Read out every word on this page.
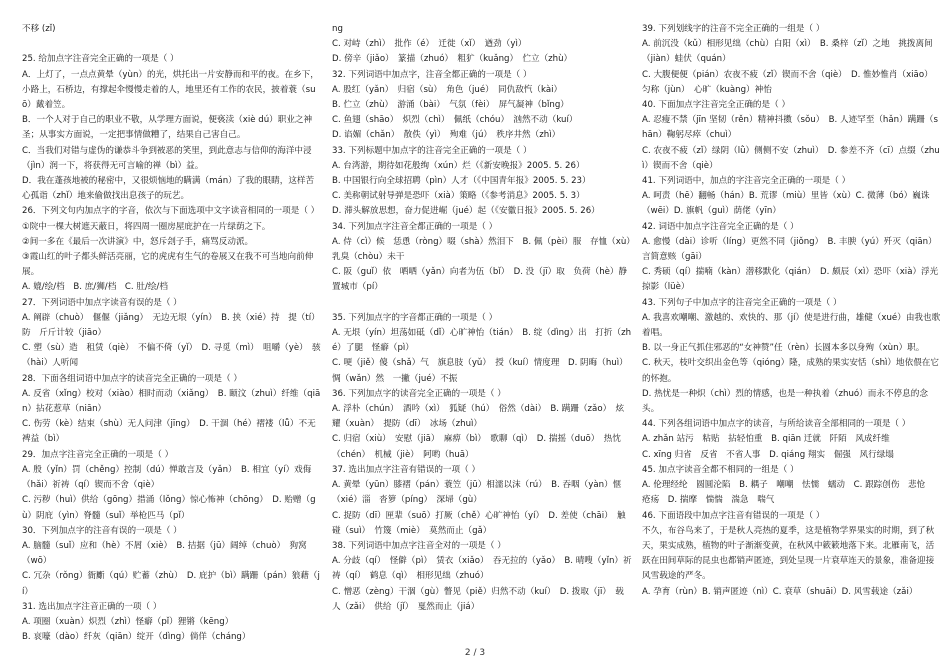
不移 (zǐ)

25. 给加点字注音完全正确的一项是（ ）

A．上灯了，一点点黄晕（yùn）的光，烘托出一片安静而和平的夜。在乡下，小路上，石桥边，有撑起伞慢慢走着的人，地里还有工作的农民，披着蓑（suō）戴着笠。

B．一个人对于自己的职业不敬，从学理方面说，便亵渎（xiè dú）职业之神圣；从事实方面说，一定把事情做糟了，结果自己害自己。

C．当我们对错与虚伪的谦恭斗争到被恶的笑里，到此意志与信仰的海洋中浸（jìn）润一下，将获得无可言喻的禅（bì）益。

D．我在蓬孩地被的秘密中，又很烦恼地的瞒满（mán）了我的眼睛，这样苦心孤诣（zhǐ）地来偷做找出息孩子的玩艺。

26．下列文句内加点字的字音，依次与下面选项中文字读音相同的一项是（ ）

①院中一棵大树遮天蔽日，将四周一圈房屋庇护在一片绿荫之下。

②间一多在《最后一次讲演》中，怒斥刽子手，痛骂反动派。

③霞山红的叶子都头鲜活亮丽，它的虎虎有生气的卷展又在我不可当地向前伸展。

A. 媲/绘/档　B. 庶/狮/档　C. 肚/绘/档

27．下列词语中加点字读音有误的是（ ）

A. 阐辟（chuò）　偃偃（jiǎng）　无边无垠（yín）　B. 挟（xié）持　提（tí）防　斤斤计较（jiāo）

C. 塑（sù）造　租赁（qiè）　不偏不倚（yǐ）　D. 寻觅（mì）　咀嚼（yè）　骇（hài）人听闻

28．下面各组词语中加点字的读音完全正确的一项是（ ）

A. 反省（xǐng）校对（xiào）相时而动（xiǎng）　B. 颐汶（zhuì）纤维（qiān）拈花惹草（niān）

C. 伤劳（kè）结束（shù）无人问津（jīng）　D. 干涸（hé）褶褛（lǚ）不无裨益（bì）

29．加点字注音完全正确的一项是（ ）

A. 殷（yǐn）罚（chěng）控制（dú）惮敢言及（yǎn）　B. 相宜（yí）戏侮（hǎi）祈祷（qí）锲而不舍（qiè）

C. 污秽（huì）供给（gōng）措涌（lǒng）惊心怖神（chōng）　D. 贻赠（gù）阴庇（yìn）脊髓（suǐ）举枪匹马（pǐ）

30．下列加点字的注音有误的一项是（ ）

A. 脑髓（suǐ）应和（hè）不屑（xiè）　B. 拮据（jū）阔绰（chuò）　狗窝（wō）

C. 冗杂（rǒng）衙斸（qú）贮蓄（zhù）　D. 庇护（bì）蹒跚（pán）狼藉（jí）

31. 选出加点字注音正确的一项（ ）

A. 项圈（xuàn）炽烈（zhì）怪癖（pǐ）狸锵（kēng）

B. 哀嚎（dào）纤灰（qiān）绽开（dìng）倘佯（cháng）

ng

C. 对峙（zhì）　批作（é）　迁徙（xǐ）　遒劲（yì）

D. 傍辛（jiǎo）　篆描（zhuó）　粗犷（kuǎng）　伫立（zhù）

32. 下列词语中加点字，注音全都正确的一项是（ ）

A. 股红（yǎn）　归宿（sù）　角色（jué）　同仇敌忾（kài）

B. 伫立（zhù）　游涌（bài）　气氛（fèi）　屏气凝神（bǐng）

C. 鱼翅（shāo）　炽烈（chì）　佩纸（chóu）　汹然不动（kuí）

D. 谄媚（chǎn）　散佚（yì）　殉难（jú）　秩序井然（zhì）

33. 下列标题中加点字的注音完全正确的一项是（ ）

A. 台湾游，期待如花般绚（xún）烂（《新安晚报》2005. 5. 26）

B. 中国银行向全球招聘（pìn）人才（《中国青年报》2005. 5. 23）

C. 美称朝试射导弹是恐吓（xià）策略（《参考消息》2005. 5. 3）

D. 滞头解放思想，奋力促进崛（jué）起（《安徽日报》2005. 5. 26）

34. 下列加点字注音全都正确的一项是（ ）

A. 侍（cì）候　恁恿（ròng）啜（shà）然泪下　B. 佩（pèi）服　存恤（xù）　乳臭（chòu）未干

C. 阪（guǐ）依　哂哂（yǎn）向者为伍（bǐ）　D. 没（jī）取　负荷（hè）静置城市（pí）

35. 下列加点字的字音都正确的一项是（ ）

A. 无垠（yín）坦荡如砥（dǐ）心旷神怡（tián）　B. 绽（dìng）出　打折（zhé）了腿　怪癖（pì）

C. 哽（jiě）傻（shǎ）气　旗息肢（yǔ）　授（kuí）情度理　D. 阴晦（huì）　惆（wǎn）然　一撇（jué）不振

36. 下列加点字的读音完全正确的一项是（ ）

A. 浮朴（chún）　酒吟（xì）　狐疑（hú）　俗然（dài）　B. 蹒跚（zǎo）　炫耀（xuàn）　提防（dī）　冰场（zhuì）

C. 归宿（xiù）　安慰（jiā）　麻痹（bì）　歌聊（qì）　D. 揣摇（duō）　热忱（chén）　机械（jiè）　阿哟（huā）

37. 选出加点字注音有错误的一项（ ）

A. 黄晕（yūn）膝褶（pán）蓑笠（jū）相濡以沫（rú）　B. 吞咽（yàn）惬（xié）淄　沓箩（píng）　深埽（gù）

C. 捉防（dī）匣辈（suō）打厥（chě）心旷神怡（yí）　D. 差使（chāi）　触碰（suì）　竹篾（miè）　莫然而止（gǎ）

38. 下列词语中加点字注音全对的一项是（ ）

A. 分歧（qí）　怪僻（pì）　赁衣（xiǎo）　吞无拉的（yǎo）　B. 晴嗖（yǐn）祈祷（qí）　鹤息（qì）　相形见绌（zhuó）

C. 憎恶（zèng）干涸（gù）瞥见（piě）归然不动（kuí）　D. 拨取（jī）　载人（zǎi）　供给（jǐ）　戛然而止（jiá）

39. 下列划线字的注音不完全正确的一组是（ ）

A. 前沉没（kǔ）相形见绌（chù）白阳（xì）　B. 桑梓（zǐ）之地　挑拨离间（jiàn）蛙伏（quán）

C. 大腹便便（pián）农夜不疲（zǐ）锲而不舍（qiè）　D. 惟妙惟肖（xiāo）　匀称（jùn）　心旷（kuàng）神怡

40. 下面加点字注音完全正确的是（ ）

A. 忍瘦不禁（jīn 坚韧（rěn）精神抖擞（sǒu）　B. 人迹罕至（hǎn）蹒跚（shān）鞠躬尽瘁（chuì）

C. 农夜不疲（zǐ）绿阴（lǜ）侧侧不安（zhuì）　D. 参差不齐（cī）点缀（zhuì）锲而不舍（qiè）

41. 下列词语中，加点的字注音完全正确的一项是（ ）

A. 呵责（hē）翻畅（hán）B. 荒谬（miù）里皆（xù）C. 微薄（bó）巍诛（wēi）D. 旗帆（guì）荫佬（yīn）

42. 词语中加点字注音完全正确的是（ ）

A. 愈慢（dài）诊听（líng）更然不同（jiǒng）　B. 丰腴（yú）歼灭（qiān）言简意赅（gāi）

C. 秀硕（qí）揣喃（kàn）潜移默化（qián）　D. 颇辰（xì）恐吓（xià）浮光掠影（lüè）

43. 下列句子中加点字的注音完全正确的一项是（ ）

A. 我喜欢嘲嘲、激越的、欢快的、那（jí）使是进行曲，雄健（xué）由我也歌着唱。

B. 以一身正气抓住邪恶的“女神赞”任（rèn）长圆本多以身殉（xùn）职。

C. 秋天，枝叶交织出金色等（qióng）隆，成熟的果实安恬（shì）地依偎在它的怀抱。

D. 热忧是一种炽（chì）烈的情感，也是一种执着（zhuó）而永不停息的念头。

44. 下列各组词语中加点字的读音，与所给读音全部相同的一项是（ ）

A. zhǎn 站污　粘贴　拈轻怕重　B. qiān 迁就　阡陌　风成纤维

C. xīng 归省　反省　不省人事　D. qiáng 翔实　倔强　风行绿塌

45. 加点字读音全都不相同的一组是（ ）

A. 伦理经纶　圆圆沦陷　B. 耦子　嘲嘲　怯懦　蠕动　C. 跟踪创伤　悲怆　疮疡　D. 揣摩　惴惴　湍急　喘气

46. 下面语段中加点字注音有错误的一项是（ ）

不久，布谷鸟来了，于是秋人亮热的夏季，这是植物学界果实的时期，到了秋天，果实成熟，植物的叶子渐渐变黄，在秋风中簌簌地落下来。北雁南飞，活跃在田间草际的昆虫也都销声匿迹，到处呈现一片衰草连天的景象，准备迎接风雪载途的严冬。

A. 孕育（rùn）B. 销声匿迹（nì）C. 衰草（shuāi）D. 风雪载途（zǎi）

2 / 3
